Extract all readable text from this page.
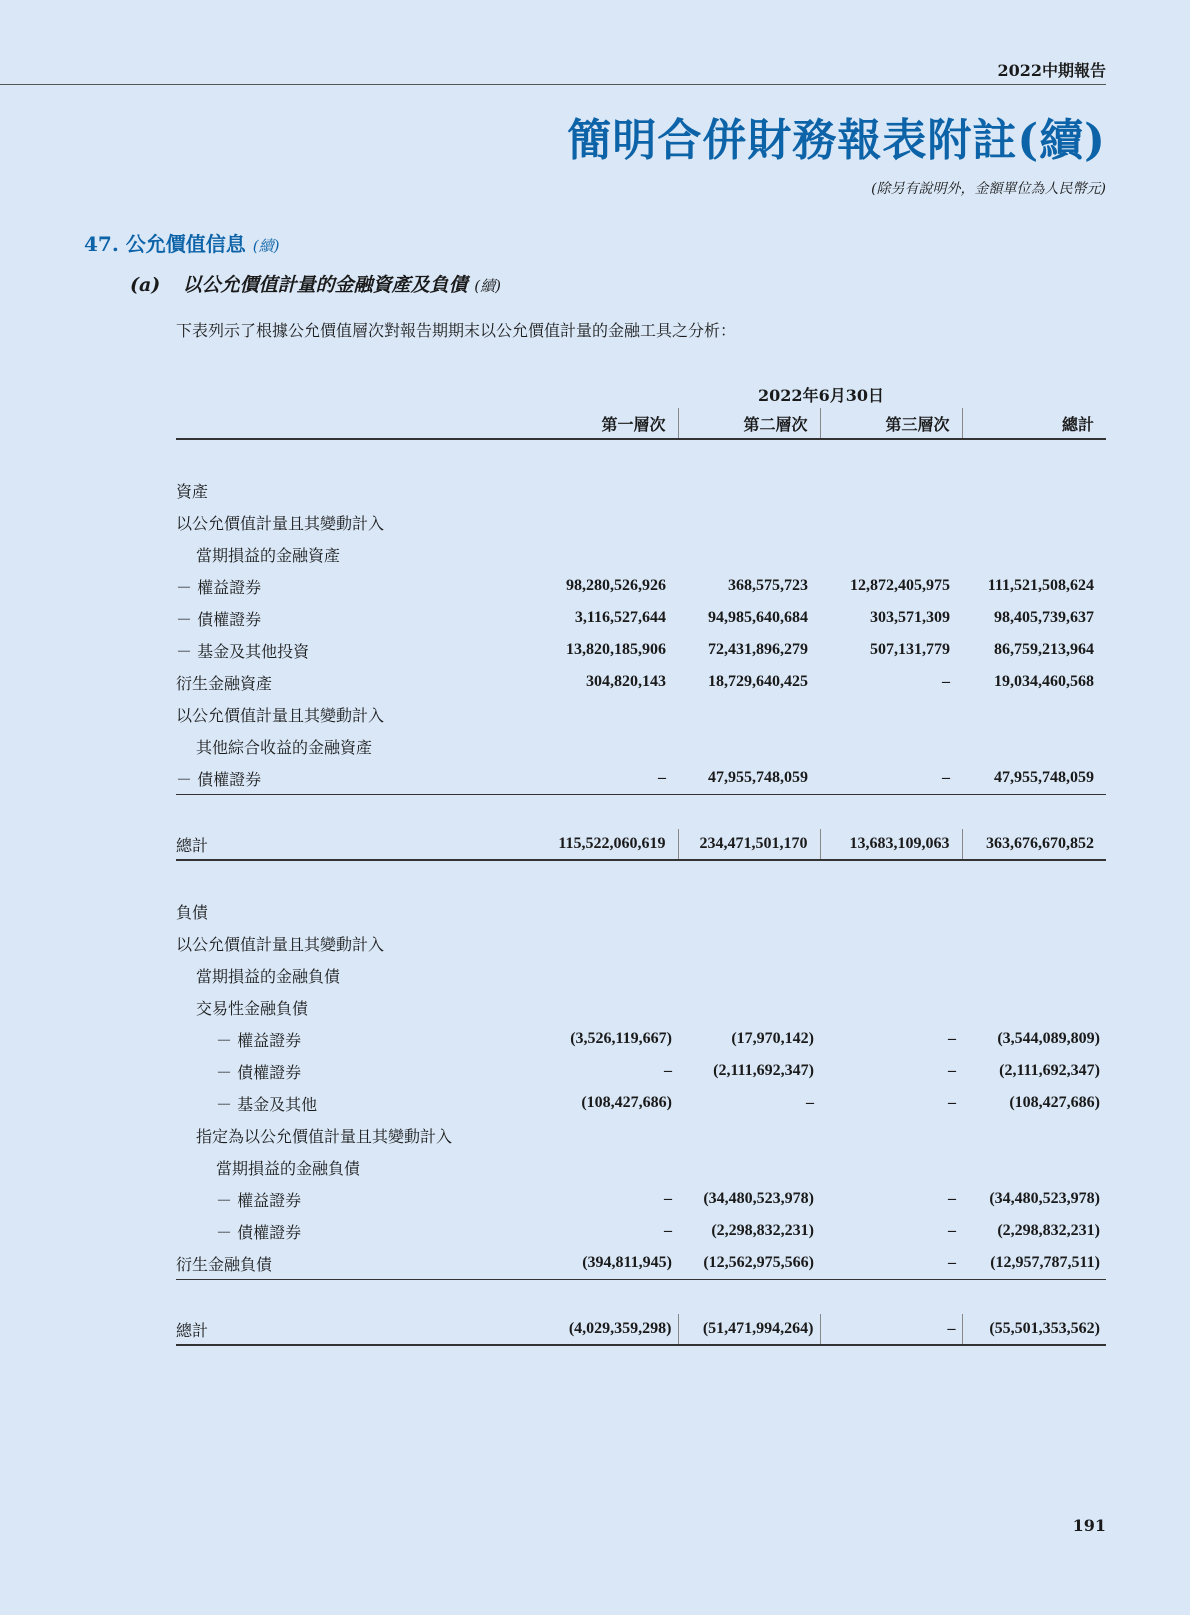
2022中期報告
簡明合併財務報表附註(續)
(除另有說明外，金額單位為人民幣元)
47. 公允價值信息 (續)
(a) 以公允價值計量的金融資產及負債 (續)
下表列示了根據公允價值層次對報告期期末以公允價值計量的金融工具之分析：
	2022年6月30日			
	第一層次	第二層次	第三層次	總計

資產				
以公允價值計量且其變動計入				
當期損益的金融資產				
－ 權益證券	98,280,526,926	368,575,723	12,872,405,975	111,521,508,624
－ 債權證券	3,116,527,644	94,985,640,684	303,571,309	98,405,739,637
－ 基金及其他投資	13,820,185,906	72,431,896,279	507,131,779	86,759,213,964
衍生金融資產	304,820,143	18,729,640,425	–	19,034,460,568
以公允價值計量且其變動計入				
其他綜合收益的金融資產				
－ 債權證券	–	47,955,748,059	–	47,955,748,059

總計	115,522,060,619	234,471,501,170	13,683,109,063	363,676,670,852

負債				
以公允價值計量且其變動計入				
當期損益的金融負債				
交易性金融負債				
－ 權益證券	(3,526,119,667)	(17,970,142)	–	(3,544,089,809)
－ 債權證券	–	(2,111,692,347)	–	(2,111,692,347)
－ 基金及其他	(108,427,686)	–	–	(108,427,686)
指定為以公允價值計量且其變動計入				
當期損益的金融負債				
－ 權益證券	–	(34,480,523,978)	–	(34,480,523,978)
－ 債權證券	–	(2,298,832,231)	–	(2,298,832,231)
衍生金融負債	(394,811,945)	(12,562,975,566)	–	(12,957,787,511)

總計	(4,029,359,298)	(51,471,994,264)	–	(55,501,353,562)
191
